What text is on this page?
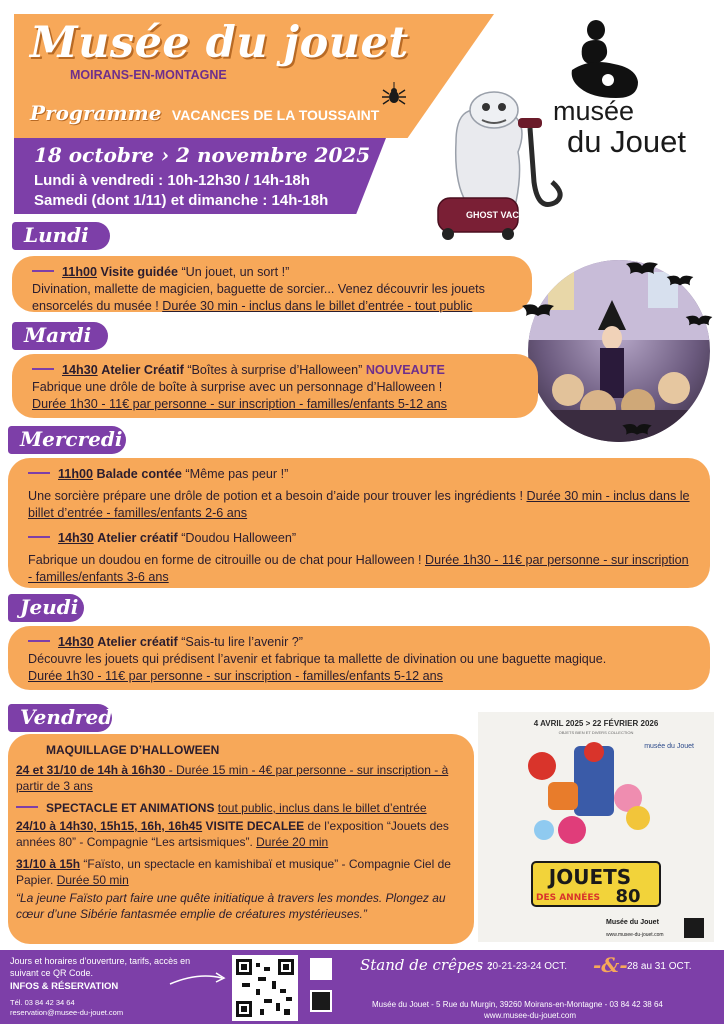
Musée du jouet
MOIRANS-EN-MONTAGNE
Programme VACANCES DE LA TOUSSAINT
18 octobre › 2 novembre 2025
Lundi à vendredi : 10h-12h30 / 14h-18h
Samedi (dont 1/11) et dimanche : 14h-18h
musée
du Jouet
GHOST VAC
Lundi
11h00 Visite guidée “Un jouet, un sort !”
Divination, mallette de magicien, baguette de sorcier... Venez découvrir les jouets ensorcelés du musée ! Durée 30 min - inclus dans le billet d’entrée - tout public
Mardi
14h30 Atelier Créatif “Boîtes à surprise d’Halloween” NOUVEAUTE
Fabrique une drôle de boîte à surprise avec un personnage d’Halloween !
Durée 1h30 - 11€ par personne - sur inscription - familles/enfants 5-12 ans
Mercredi
11h00 Balade contée “Même pas peur !”
Une sorcière prépare une drôle de potion et a besoin d’aide pour trouver les ingrédients ! Durée 30 min - inclus dans le billet d’entrée - familles/enfants 2-6 ans
14h30 Atelier créatif “Doudou Halloween”
Fabrique un doudou en forme de citrouille ou de chat pour Halloween ! Durée 1h30 - 11€ par personne - sur inscription - familles/enfants 3-6 ans
Jeudi
14h30 Atelier créatif “Sais-tu lire l’avenir ?”
Découvre les jouets qui prédisent l’avenir et fabrique ta mallette de divination ou une baguette magique.
Durée 1h30 - 11€ par personne - sur inscription - familles/enfants 5-12 ans
Vendredi
MAQUILLAGE D’HALLOWEEN
24 et 31/10 de 14h à 16h30 - Durée 15 min - 4€ par personne - sur inscription - à partir de 3 ans
SPECTACLE ET ANIMATIONS tout public, inclus dans le billet d’entrée
24/10 à 14h30, 15h15, 16h, 16h45 VISITE DECALEE de l’exposition “Jouets des années 80” - Compagnie “Les artsismiques”. Durée 20 min
31/10 à 15h “Faïsto, un spectacle en kamishibaï et musique” - Compagnie Ciel de Papier. Durée 50 min
“La jeune Faïsto part faire une quête initiatique à travers les mondes. Plongez au cœur d’une Sibérie fantasmée emplie de créatures mystérieuses.”
4 AVRIL 2025 > 22 FÉVRIER 2026
OBJETS BIEN ET DIVERS COLLECTION
musée du Jouet
JOUETS
DES ANNÉES 80
Musée du Jouet
www.musee-du-jouet.com
Jours et horaires d’ouverture, tarifs, accès en suivant ce QR Code.
INFOS & RÉSERVATION
Tél. 03 84 42 34 64
reservation@musee-du-jouet.com
Stand de crêpes :
20-21-23-24 OCT. -&- 28 au 31 OCT.
Musée du Jouet - 5 Rue du Murgin, 39260 Moirans-en-Montagne - 03 84 42 38 64
www.musee-du-jouet.com
